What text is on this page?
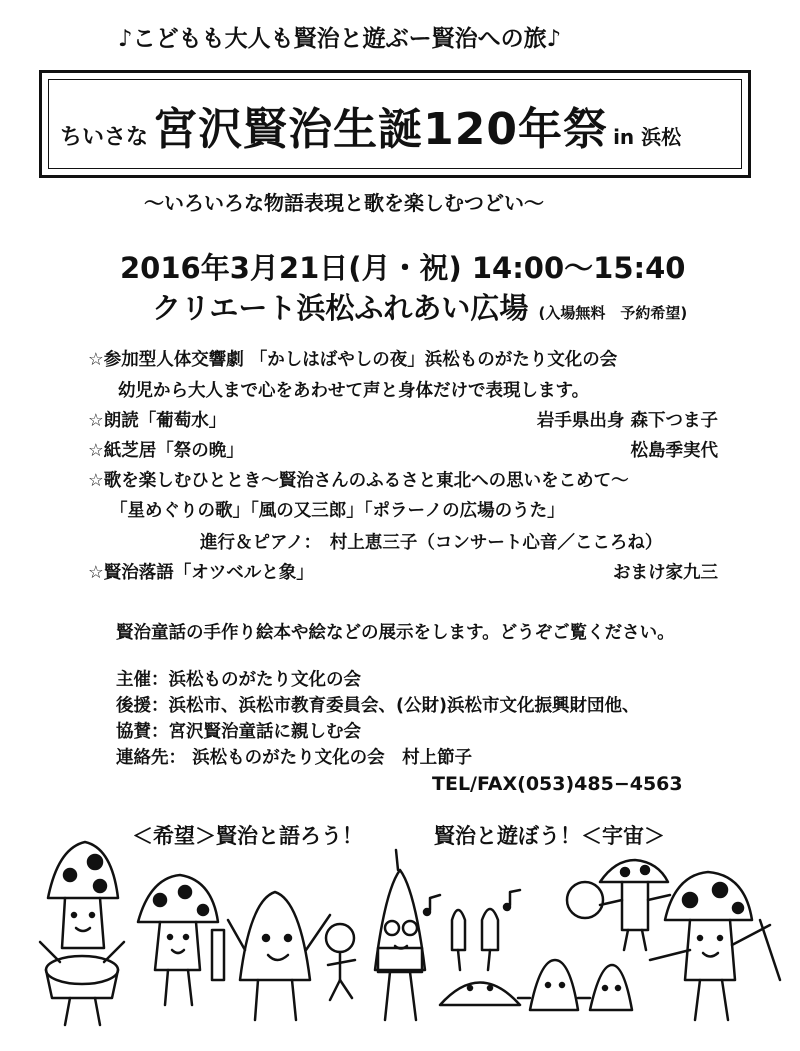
♪こどもも大人も賢治と遊ぶー賢治への旅♪
ちいさな 宮沢賢治生誕120年祭 in 浜松
〜いろいろな物語表現と歌を楽しむつどい〜
2016年3月21日(月・祝) 14:00〜15:40
クリエート浜松ふれあい広場 (入場無料　予約希望)
☆参加型人体交響劇 「かしはばやしの夜」浜松ものがたり文化の会
幼児から大人まで心をあわせて声と身体だけで表現します。
☆朗読「葡萄水」	岩手県出身 森下つま子
☆紙芝居「祭の晩」	松島季実代
☆歌を楽しむひととき〜賢治さんのふるさと東北への思いをこめて〜
「星めぐりの歌」「風の又三郎」「ポラーノの広場のうた」
進行＆ピアノ：　村上恵三子（コンサート心音／こころね）
☆賢治落語「オツベルと象」	おまけ家九三
賢治童話の手作り絵本や絵などの展示をします。どうぞご覧ください。
主催：浜松ものがたり文化の会
後援：浜松市、浜松市教育委員会、(公財)浜松市文化振興財団他、
協賛：宮沢賢治童話に親しむ会
連絡先： 浜松ものがたり文化の会　村上節子
TEL/FAX(053)485−4563
＜希望＞賢治と語ろう！	賢治と遊ぼう！＜宇宙＞
